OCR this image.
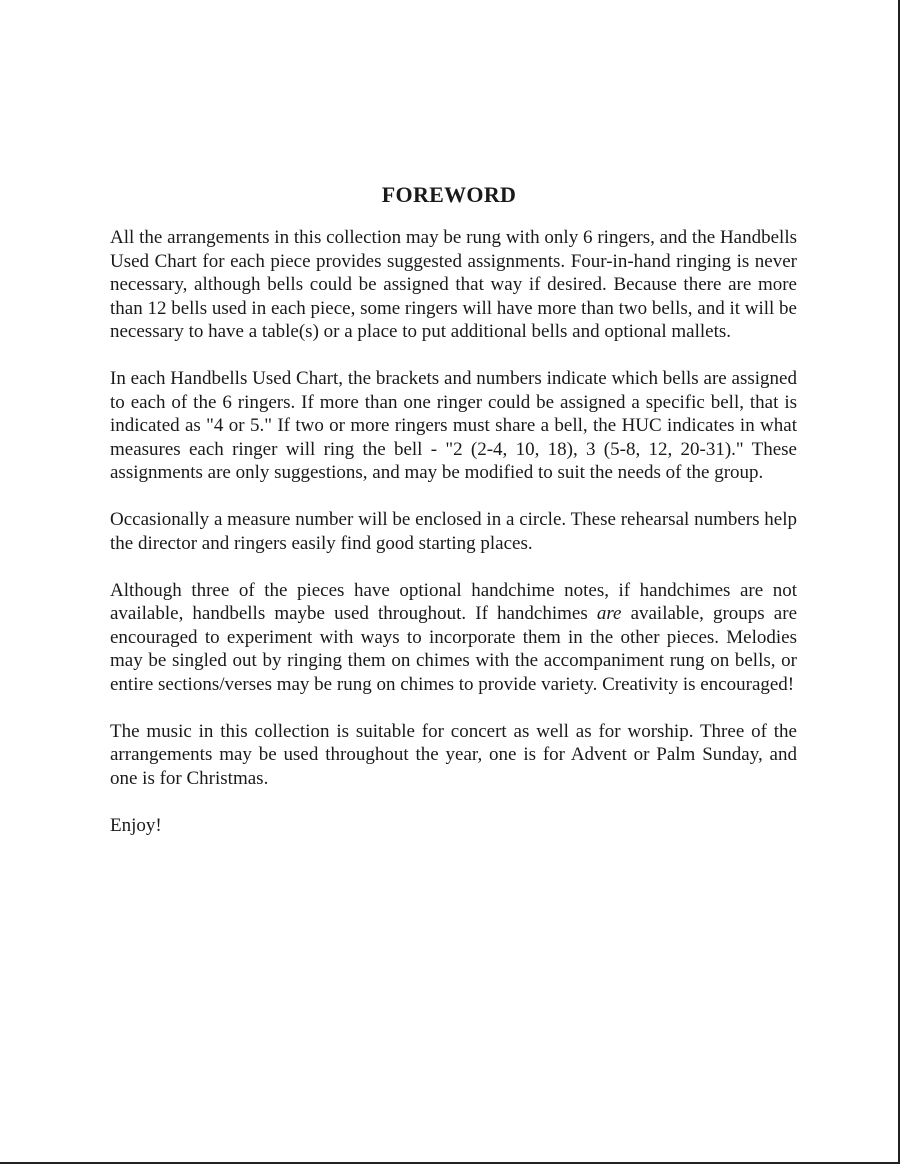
FOREWORD

All the arrangements in this collection may be rung with only 6 ringers, and the Handbells Used Chart for each piece provides suggested assignments. Four-in-hand ringing is never necessary, although bells could be assigned that way if desired. Because there are more than 12 bells used in each piece, some ringers will have more than two bells, and it will be necessary to have a table(s) or a place to put additional bells and optional mallets.

In each Handbells Used Chart, the brackets and numbers indicate which bells are assigned to each of the 6 ringers. If more than one ringer could be assigned a specific bell, that is indicated as "4 or 5." If two or more ringers must share a bell, the HUC indicates in what measures each ringer will ring the bell - "2 (2-4, 10, 18), 3 (5-8, 12, 20-31)." These assignments are only suggestions, and may be modified to suit the needs of the group.

Occasionally a measure number will be enclosed in a circle. These rehearsal numbers help the director and ringers easily find good starting places.

Although three of the pieces have optional handchime notes, if handchimes are not available, handbells maybe used throughout. If handchimes are available, groups are encouraged to experiment with ways to incorporate them in the other pieces. Melodies may be singled out by ringing them on chimes with the accompaniment rung on bells, or entire sections/verses may be rung on chimes to provide variety. Creativity is encouraged!

The music in this collection is suitable for concert as well as for worship. Three of the arrangements may be used throughout the year, one is for Advent or Palm Sunday, and one is for Christmas.

Enjoy!
